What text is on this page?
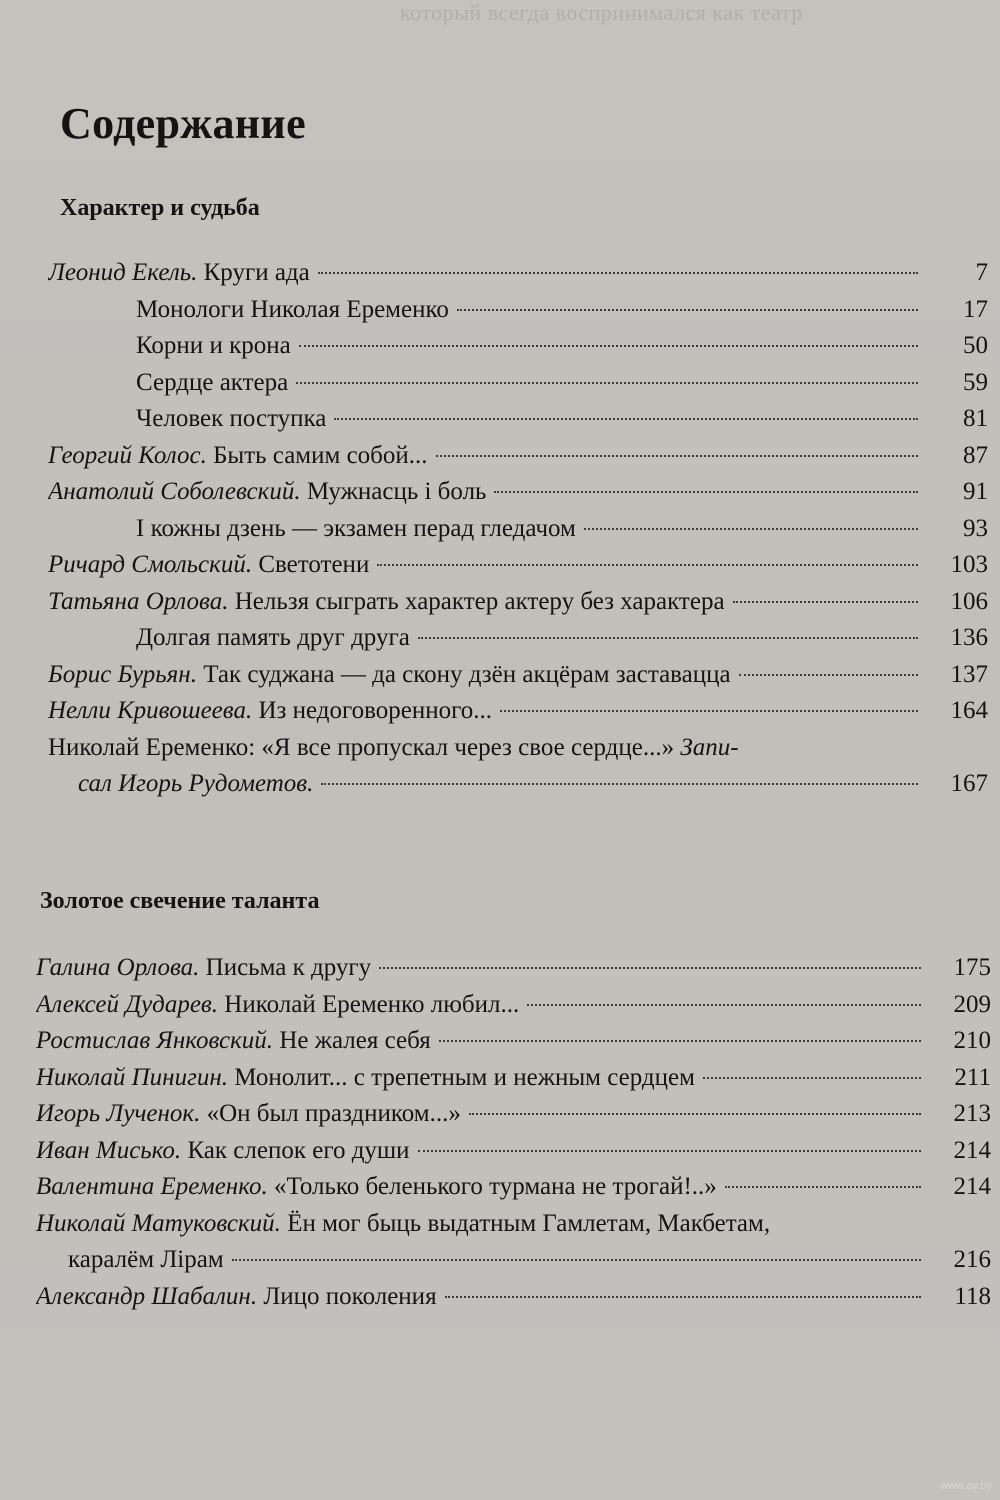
который всегда воспринимался как театр
Содержание
Характер и судьба
Леонид Екель. Круги ада	7
Монологи Николая Еременко	17
Корни и крона	50
Сердце актера	59
Человек поступка	81
Георгий Колос. Быть самим собой...	87
Анатолий Соболевский. Мужнасць і боль	91
І кожны дзень — экзамен перад гледачом	93
Ричард Смольский. Светотени	103
Татьяна Орлова. Нельзя сыграть характер актеру без характера	106
Долгая память друг друга	136
Борис Бурьян. Так суджана — да скону дзён акцёрам заставацца	137
Нелли Кривошеева. Из недоговоренного...	164
Николай Еременко: «Я все пропускал через свое сердце...» Запи-
сал Игорь Рудометов.	167
Золотое свечение таланта
Галина Орлова. Письма к другу	175
Алексей Дударев. Николай Еременко любил...	209
Ростислав Янковский. Не жалея себя	210
Николай Пинигин. Монолит... с трепетным и нежным сердцем	211
Игорь Лученок. «Он был праздником...»	213
Иван Мисько. Как слепок его души	214
Валентина Еременко. «Только беленького турмана не трогай!..»	214
Николай Матуковский. Ён мог быць выдатным Гамлетам, Макбетам,
каралём Лірам	216
Александр Шабалин. Лицо поколения	118
www.ay.by
